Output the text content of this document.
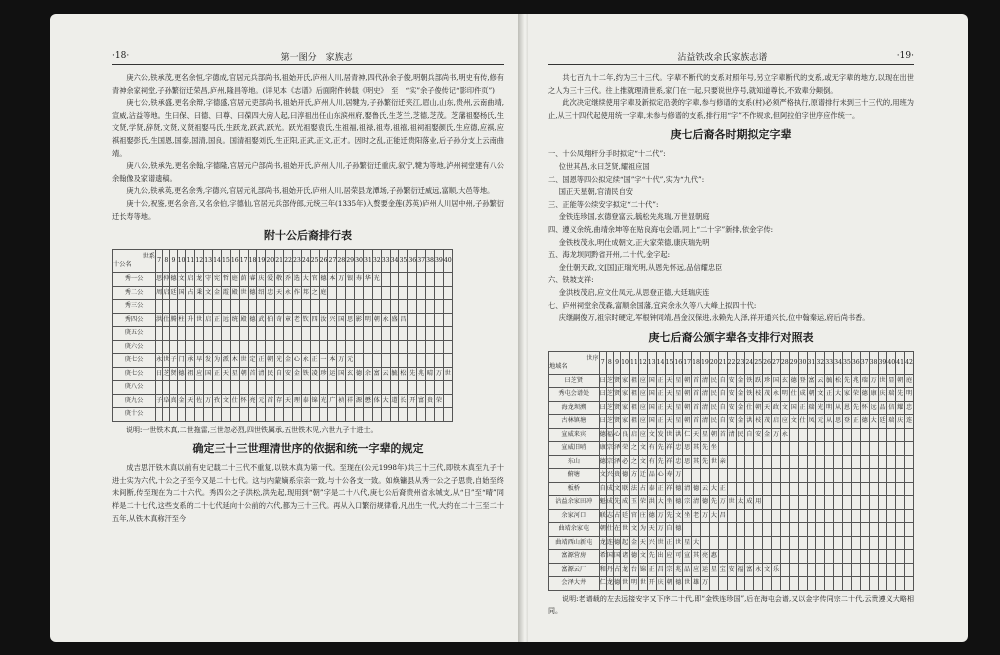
·18·	第一图分　家族志

庚六公,铁承茂,更名余恒,字德成,官居元兵部尚书,祖始开氏,庐州人川,居青神,四代孙余子俊,明朝兵部尚书,明史有传,修有青神余家祠堂,子孙繁衍迁荣昌,庐州,隆昌等地。(详见本《志谱》后面附件转载《明史》　至　“实”余子俊传记“影印件页”)

庚七公,铁承盛,更名余辩,字德盛,官居元吏部尚书,祖始开氏,庐州人川,居犍为,子孙繁衍迁夹江,眉山,山东,贵州,云南曲靖,宣威,沾益等地。生曰保、曰德、曰尊、曰葆四大房人起,曰淳祖出任山东滨州府,娶鲁氏,生芝兰,芝德,芝茂。芝藩祖娶杨氏,生文贤,学贤,辞贤,文贤,义贤祖娶马氏,生跃龙,跃武,跃光。跃光祖娶袁氏,生祖福,祖禄,祖寿,祖禧,祖祠祖娶颜氏,生应德,应祺,应祺祖娶彭氏,生国恩,国泰,国清,国良。国清祖娶刘氏,生正阳,正武,正文,正才。因时之乱,正能迁贵阳落业,后子孙分支上云南曲靖。

庚八公,铁承先,更名余翰,字德隆,官居元户部尚书,祖始开氏,庐州人川,子孙繁衍迁重庆,叙宁,犍为等地,泸州祠堂建有八公余翰像及家谱遗稿。

庚九公,铁承英,更名余秀,字德兴,官居元礼部尚书,祖始开氏,庐州人川,居荣县龙潭场,子孙繁衍迁威远,富顺,大邑等地。

庚十公,祝鉴,更名余音,又名余伯,字德仙,官居元兵部侍郎,元统三年(1335年)入赘要金莲(苏英)庐州人川居中州,子孙繁衍迁长寿等地。

附十公后裔排行表
世系
十公名	7	8	9	10	11	12	13	14	15	16	17	18	19	20	21	22	23	24	25	26	27	28	29	30	31	32	33	34	35	36	37	38	39	40
秀一公	思	仲	德	文	启	龙	守	宪	哲	庭	荫	睿	庆	爱	敬	乔	选	大	官	德	本	万	银	寿	华	光								
秀二公	周	启	廷	国	占	秉	文	金	霞	殿	世	德	绍	忠	天	永	作	邦	之	庭														
秀三公																																		
秀四公	洪	仕	腾	柱	升	世	启	正	远	统	殿	德	武	伯	奇	章	老	钦	四	汝	兴	国	思	影	明	朝	永	盛	昌					
庚五公																																		
庚六公																																		
庚七公	永	世	子	门	承	早	发	为	派	木	世	定	正	朝	光	金	心	永	正	一	本	万	元											
庚七公	日	芝	贤	德	祖	应	国	正	天	星	朝	首	清	民	自	安	金	铁	凌	珍	运	国	玄	德	余	富	云	毓	松	先	兆	晴	万	世
庚八公																																		
庚九公	子	阜	真	金	天	佐	万	孜	文	仕	怀	亮	元	首	存	天	理	泰	锦	光	广	祯	祥	源	懋	体	大	道	长	开	富	贵	荣	
庚十公																																		

说明:一世铁木真,二世拖雷,三世忽必烈,四世铁属承,五世铁木见,六世九子十进士。

确定三十三世理清世序的依据和统一字辈的规定

成吉思汗铁木真以前有史记载二十三代不重复,以铁木真为第一代。至现在(公元1998年)共三十三代,即铁木真至九子十进士实为六代,十公之子至今又是二十七代。这与内蒙嫡系宗亲一致,与十公各支一致。如焕镛县从秀一公之子思贵,自始至终未间断,传至现在为二十六代。秀四公之子洪松,洪先起,现用到“朝”字是二十八代,庚七公后裔贵州省永城支,从“日”至“晴”同样是二十七代,这些支系的二十七代延向十公前的六代,都为三十三代。再从入口繁衍规律看,凡出生一代,大约在二十三至二十五年,从铁木真称汗至今

沾益铁改余氏家族志谱	·19·

共七百九十二年,约为三十三代。字辈不断代的支系对照年号,另立字辈断代的支系,或无字辈的地方,以现在出世之人为三十三代。往上推就理清世系,家门在一起,只要说世序号,就知道尊长,不致辈分颠倒。

此次决定继续使用字辈及新拟定沿袭的字辈,参与修谱的支系(村)必须严格执行,原谱排行未到三十三代的,用班为止,从三十四代起使用统一字辈,未参与修谱的支系,排行用“字”不作规求,但阿拉伯字世序应作统一。

庚七后裔各时期拟定字辈
一、十公凤翔杆分手时拟定“十二代”:
位世其昌,永曰芝贤,耀祖应国
二、国恩等四公拟定续“国”字“十代”,实为“九代”:
国正天星朝,官清民自安
三、正能等公续安字拟定“二十代”:
金铁连珍国,玄德登富云,毓松先兆瑞,万世显朝庭
四、遵义余统,曲靖余坤等在贴良海屯会谱,同上“二十字”新排,依金字传:
金铁枝茂永,明仕成朝文,正大家荣德,康庆瑞先明
五、海龙坝同黔省开州,二十代,金字起:
金仕朝天政,文[国]正瑞光明,从恩先怀远,品信耀忠臣
六、铁坡支祥:
金洪枝茂启,应文仕凤元,从思登正德,大廷瑞庆连
七、庐州祠堂余茂森,富顺余国藩,宜宾余永久等八大峰上拟四十代:
庆继嗣俊万,祖宗时硬定,军根钟同靖,昌金汉保进,永赖先人泽,祥开通兴长,位中翰秦运,府后尚书香。
庚七后裔公颁字辈各支排行对照表
世序
地域名	7	8	9	10	11	12	13	14	15	16	17	18	19	20	21	22	23	24	25	26	27	28	29	30	31	32	33	34	35	36	37	38	39	40	41	42
曰芝贤	曰	芝	贤	家	祖	应	国	正	天	星	朝	首	清	民	自	安	金	铁	跃	珍	国	玄	德	登	富	云	毓	松	先	兆	瑞	万	世	显	朝	庭
秀屯会谱处	曰	芝	贤	家	祖	应	国	正	天	星	朝	首	清	民	自	安	金	铁	枝	茂	永	明	仕	成	朝	文	正	大	家	荣	德	康	庆	瑞	先	明
海龙坝溯	曰	芝	贤	家	祖	应	国	正	天	星	朝	首	清	民	自	安	金	仕	朝	天	政	文	国	正	瑞	光	明	从	恩	先	怀	远	品	信	耀	忠
古林镇塘	曰	芝	贤	家	祖	应	国	正	天	星	朝	首	清	民	自	安	金	洪	枝	茂	启	应	文	仕	凤	元	从	思	登	正	德	大	廷	瑞	庆	连
宣威来宾	德	福	心	良	启	应	文	发	世	洪	仁	天	星	朝	首	清	民	自	安	金	万	永														
宣威旧哨	康	宗	泽	荣	之	文	有	先	祥	忠	思	其	先	坐																						
东山	德	宗	泽	必	之	文	有	先	祥	忠	思	其	先	世	亲																					
俯塘	文	兴	贵	德	方	迁	品	心	寿	万																										
板桥	自	成	文	联	法	占	泰	正	祥	德	清	德	云	大	正																					
沾益余家田冲	魁	成	先	成	玉	荣	洪	大	坐	德	宗	清	德	先	万	世	太	成	用																	
余家河口	联	志	占	廷	官	庄	德	万	先	文	坐	老	万	大	昌																					
曲靖余家屯	朝	仕	在	世	文	为	天	万	自	德																										
曲靖西山新屯	龙	连	德	起	金	天	兴	世	正	世	星	大																								
富源营房	希	国	国	诸	德	文	先	出	应	可	宣	其	亮	惠																						
富源云厂	和	丹	占	龙	台	锦	正	昌	宗	兆	品	应	运	星	宝	安	福	富	永	文	乐															
会泽大井	仁	龙	德	世	明	世	开	庆	朝	德	世	雄	万																							

说明:老谱载的左去远接安字又下序二十代,即“金铁连珍国”,后在海屯会谱,又以金字传同宗二十代,云贵遵义大略相同。
